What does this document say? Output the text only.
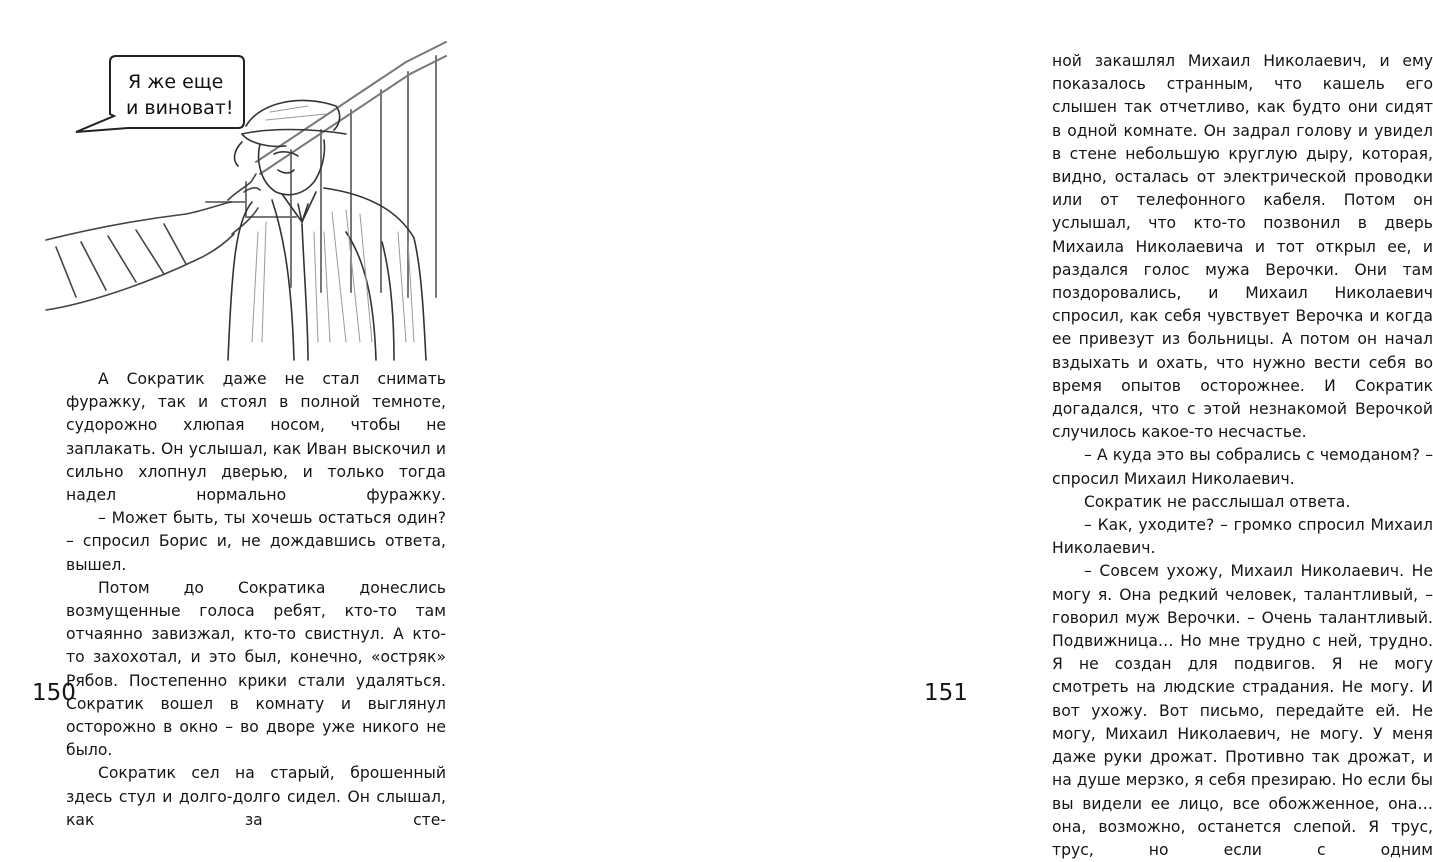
Я же еще
и виноват!

А Сократик даже не стал снимать фуражку, так и стоял в полной темноте, судорожно хлюпая носом, чтобы не заплакать. Он услышал, как Иван выскочил и сильно хлопнул дверью, и только тогда надел нормально фуражку.

– Может быть, ты хочешь остаться один? – спросил Борис и, не дождавшись ответа, вышел.

Потом до Сократика донеслись возмущенные голоса ребят, кто-то там отчаянно завизжал, кто-то свистнул. А кто-то захохотал, и это был, конечно, «остряк» Рябов. Постепенно крики стали удаляться. Сократик вошел в комнату и выглянул осторожно в окно – во дворе уже никого не было.

Сократик сел на старый, брошенный здесь стул и долго-долго сидел. Он слышал, как за сте-

150

ной закашлял Михаил Николаевич, и ему показалось странным, что кашель его слышен так отчетливо, как будто они сидят в одной комнате. Он задрал голову и увидел в стене небольшую круглую дыру, которая, видно, осталась от электрической проводки или от телефонного кабеля. Потом он услышал, что кто-то позвонил в дверь Михаила Николаевича и тот открыл ее, и раздался голос мужа Верочки. Они там поздоровались, и Михаил Николаевич спросил, как себя чувствует Верочка и когда ее привезут из больницы. А потом он начал вздыхать и охать, что нужно вести себя во время опытов осторожнее. И Сократик догадался, что с этой незнакомой Верочкой случилось какое-то несчастье.

– А куда это вы собрались с чемоданом? – спросил Михаил Николаевич.

Сократик не расслышал ответа.

– Как, уходите? – громко спросил Михаил Николаевич.

– Совсем ухожу, Михаил Николаевич. Не могу я. Она редкий человек, талантливый, – говорил муж Верочки. – Очень талантливый. Подвижница… Но мне трудно с ней, трудно. Я не создан для подвигов. Я не могу смотреть на людские страдания. Не могу. И вот ухожу. Вот письмо, передайте ей. Не могу, Михаил Николаевич, не могу. У меня даже руки дрожат. Противно так дрожат, и на душе мерзко, я себя презираю. Но если бы вы видели ее лицо, все обожженное, она… она, возможно, останется слепой. Я трус, трус, но если с одним

151
